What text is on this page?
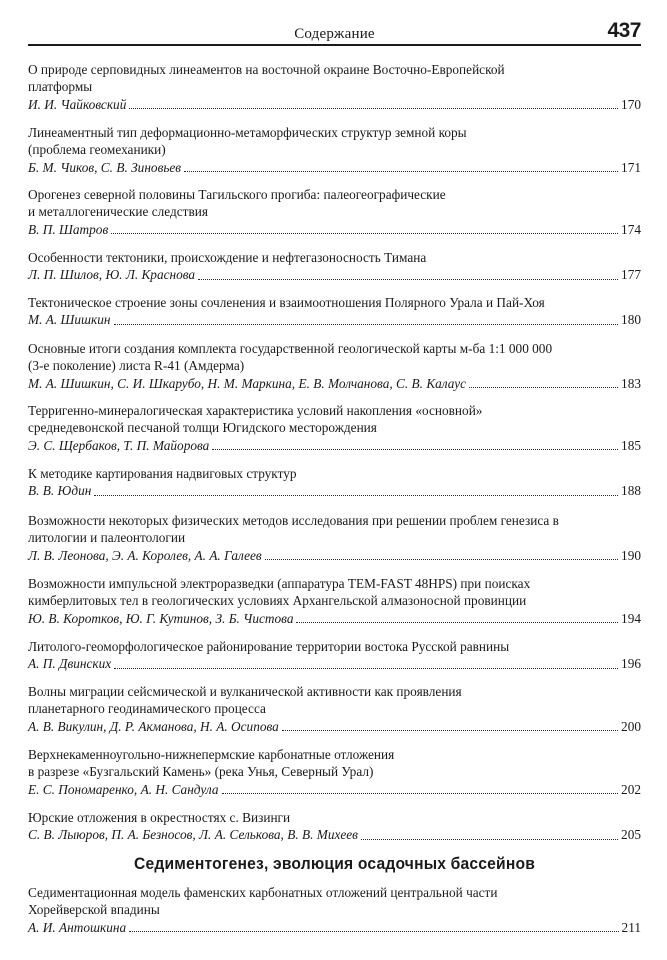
Содержание	437
О природе серповидных линеаментов на восточной окраине Восточно-Европейской
платформы
И. И. Чайковский	170
Линеаментный тип деформационно-метаморфических структур земной коры
(проблема геомеханики)
Б. М. Чиков, С. В. Зиновьев	171
Орогенез северной половины Тагильского прогиба: палеогеографические
и металлогенические следствия
В. П. Шатров	174
Особенности тектоники, происхождение и нефтегазоносность Тимана
Л. П. Шилов, Ю. Л. Краснова	177
Тектоническое строение зоны сочленения и взаимоотношения Полярного Урала и Пай-Хоя
М. А. Шишкин	180
Основные итоги создания комплекта государственной геологической карты м-ба 1:1 000 000
(3-е поколение) листа R-41 (Амдерма)
М. А. Шишкин, С. И. Шкарубо, Н. М. Маркина, Е. В. Молчанова, С. В. Калаус	183
Терригенно-минералогическая характеристика условий накопления «основной»
среднедевонской песчаной толщи Югидского месторождения
Э. С. Щербаков, Т. П. Майорова	185
К методике картирования надвиговых структур
В. В. Юдин	188
Возможности некоторых физических методов исследования при решении проблем генезиса в
литологии и палеонтологии
Л. В. Леонова, Э. А. Королев, А. А. Галеев	190
Возможности импульсной электроразведки (аппаратура TEM-FAST 48HPS) при поисках
кимберлитовых тел в геологических условиях Архангельской алмазоносной провинции
Ю. В. Коротков, Ю. Г. Кутинов, З. Б. Чистова	194
Литолого-геоморфологическое районирование территории востока Русской равнины
А. П. Двинских	196
Волны миграции сейсмической и вулканической активности как проявления
планетарного геодинамического процесса
А. В. Викулин, Д. Р. Акманова, Н. А. Осипова	200
Верхнекаменноугольно-нижнепермские карбонатные отложения
в разрезе «Бузгальский Камень» (река Унья, Северный Урал)
Е. С. Пономаренко, А. Н. Сандула	202
Юрские отложения в окрестностях с. Визинги
С. В. Лыюров, П. А. Безносов, Л. А. Селькова, В. В. Михеев	205
Седиментогенез, эволюция осадочных бассейнов
Седиментационная модель фаменских карбонатных отложений центральной части
Хорейверской впадины
А. И. Антошкина	211
